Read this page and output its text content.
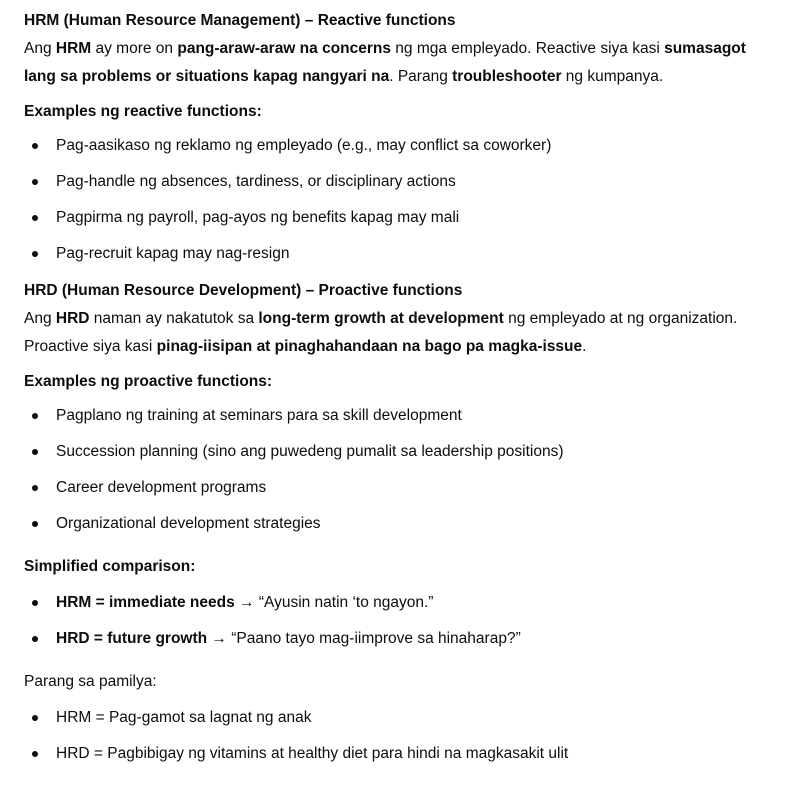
HRM (Human Resource Management) – Reactive functions

Ang HRM ay more on pang-araw-araw na concerns ng mga empleyado. Reactive siya kasi sumasagot lang sa problems or situations kapag nangyari na. Parang troubleshooter ng kumpanya.

Examples ng reactive functions:

Pag-aasikaso ng reklamo ng empleyado (e.g., may conflict sa coworker)
Pag-handle ng absences, tardiness, or disciplinary actions
Pagpirma ng payroll, pag-ayos ng benefits kapag may mali
Pag-recruit kapag may nag-resign

HRD (Human Resource Development) – Proactive functions

Ang HRD naman ay nakatutok sa long-term growth at development ng empleyado at ng organization. Proactive siya kasi pinag-iisipan at pinaghahandaan na bago pa magka-issue.

Examples ng proactive functions:

Pagplano ng training at seminars para sa skill development
Succession planning (sino ang puwedeng pumalit sa leadership positions)
Career development programs
Organizational development strategies

Simplified comparison:

HRM = immediate needs → “Ayusin natin ‘to ngayon.”
HRD = future growth → “Paano tayo mag-iimprove sa hinaharap?”

Parang sa pamilya:

HRM = Pag-gamot sa lagnat ng anak
HRD = Pagbibigay ng vitamins at healthy diet para hindi na magkasakit ulit
